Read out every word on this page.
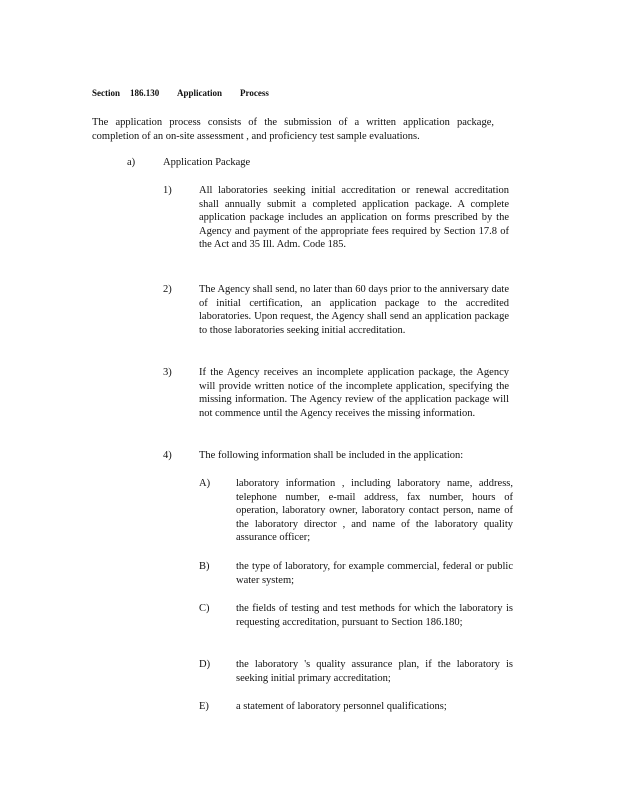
Section 186.130 Application Process

The application process consists of the submission of a written application package, completion of an on-site assessment , and proficiency test sample evaluations.

a)	Application Package
1)	All laboratories seeking initial accreditation or renewal accreditation shall annually submit a completed application package. A complete application package includes an application on forms prescribed by the Agency and payment of the appropriate fees required by Section 17.8 of the Act and 35 Ill. Adm. Code 185.

2)	The Agency shall send, no later than 60 days prior to the anniversary date of initial certification, an application package to the accredited laboratories. Upon request, the Agency shall send an application package to those laboratories seeking initial accreditation.

3)	If the Agency receives an incomplete application package, the Agency will provide written notice of the incomplete application, specifying the missing information. The Agency review of the application package will not commence until the Agency receives the missing information.

4)	The following information shall be included in the application:

A) laboratory information , including laboratory name, address, telephone number, e-mail address, fax number, hours of operation, laboratory owner, laboratory contact person, name of the laboratory director , and name of the laboratory quality assurance officer;

B)	the type of laboratory, for example commercial, federal or public water system;

C)	the fields of testing and test methods for which the laboratory is requesting accreditation, pursuant to Section 186.180;

D) the laboratory 's quality assurance plan, if the laboratory is seeking initial primary accreditation;

E)	a statement of laboratory personnel qualifications;
